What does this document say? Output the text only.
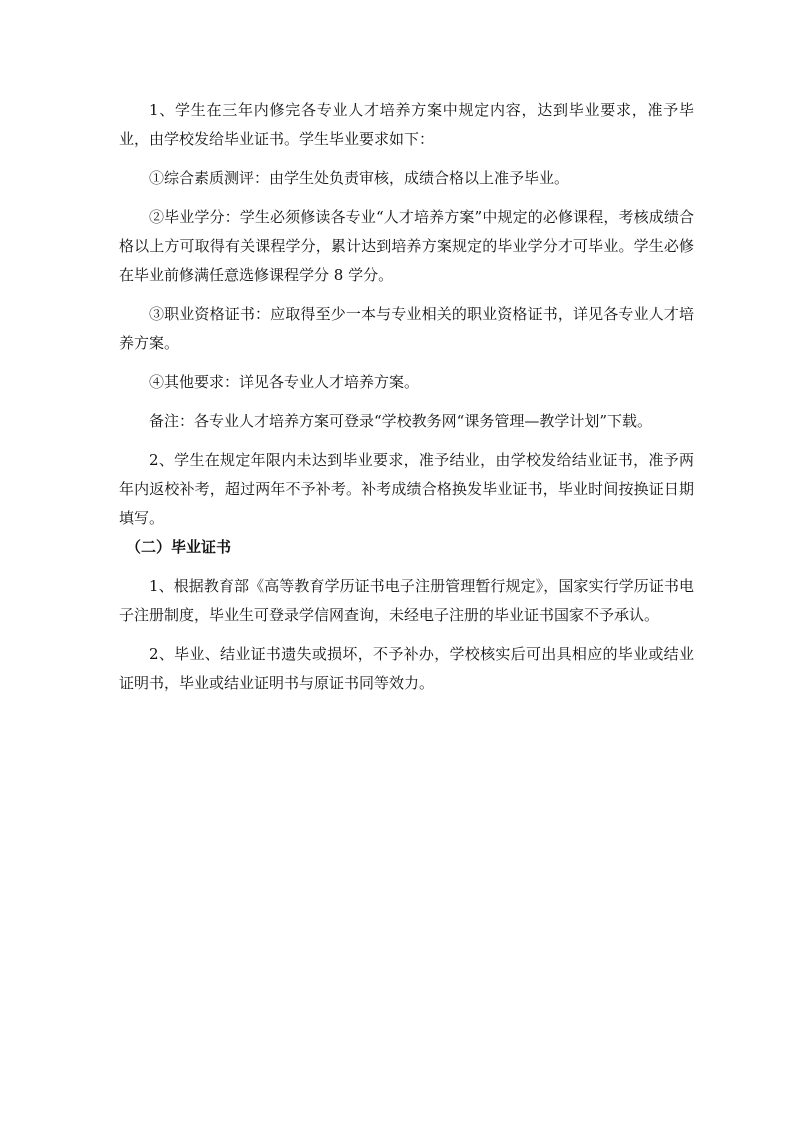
1、学生在三年内修完各专业人才培养方案中规定内容，达到毕业要求，准予毕业，由学校发给毕业证书。学生毕业要求如下：

①综合素质测评：由学生处负责审核，成绩合格以上准予毕业。

②毕业学分：学生必须修读各专业“人才培养方案”中规定的必修课程，考核成绩合格以上方可取得有关课程学分，累计达到培养方案规定的毕业学分才可毕业。学生必修在毕业前修满任意选修课程学分 8 学分。

③职业资格证书：应取得至少一本与专业相关的职业资格证书，详见各专业人才培养方案。

④其他要求：详见各专业人才培养方案。

备注：各专业人才培养方案可登录“学校教务网“课务管理—教学计划”下载。

2、学生在规定年限内未达到毕业要求，准予结业，由学校发给结业证书，准予两年内返校补考，超过两年不予补考。补考成绩合格换发毕业证书，毕业时间按换证日期填写。

（二）毕业证书

1、根据教育部《高等教育学历证书电子注册管理暂行规定》，国家实行学历证书电子注册制度，毕业生可登录学信网查询，未经电子注册的毕业证书国家不予承认。

2、毕业、结业证书遗失或损坏，不予补办，学校核实后可出具相应的毕业或结业证明书，毕业或结业证明书与原证书同等效力。
